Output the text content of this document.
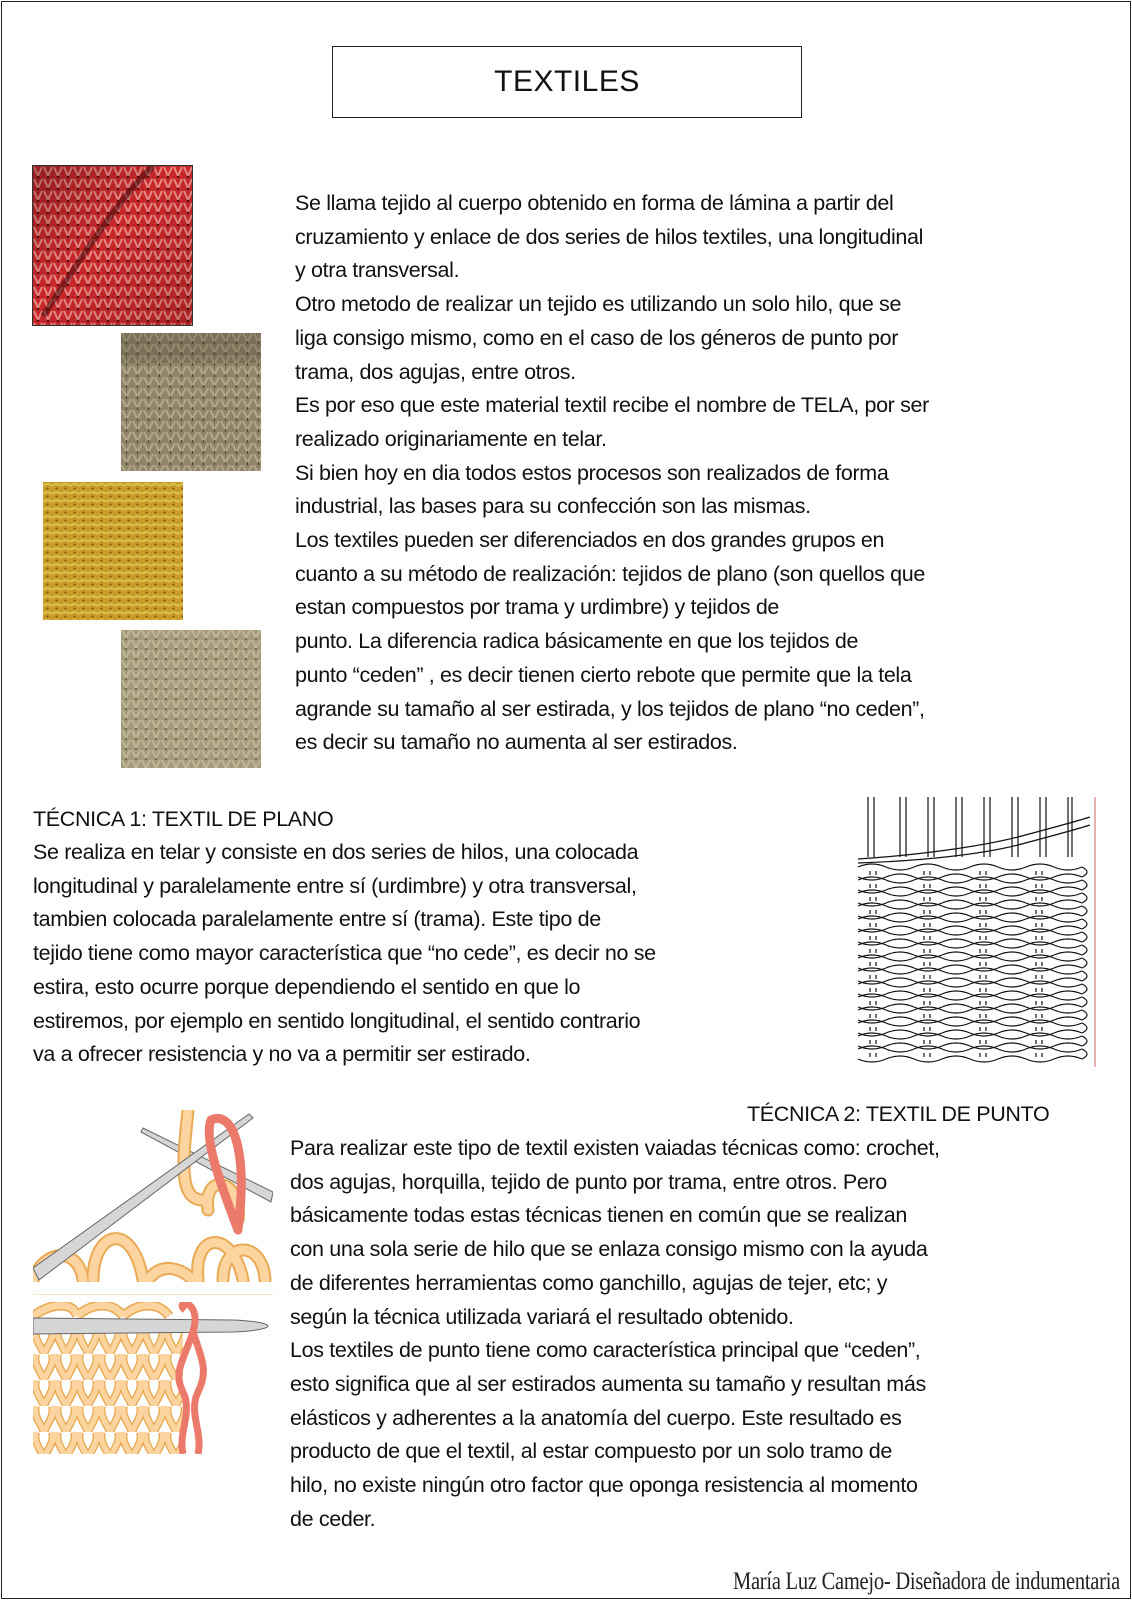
TEXTILES
Se llama tejido al cuerpo obtenido en forma de lámina a partir del
cruzamiento y enlace de dos series de hilos textiles, una longitudinal
y otra transversal.
Otro metodo de realizar un tejido es utilizando un solo hilo, que se
liga consigo mismo, como en el caso de los géneros de punto por
trama, dos agujas, entre otros.
Es por eso que este material textil recibe el nombre de TELA, por ser
realizado originariamente en telar.
Si bien hoy en dia todos estos procesos son realizados de forma
industrial, las bases para su confección son las mismas.
Los textiles pueden ser diferenciados en dos grandes grupos en
cuanto a su método de realización: tejidos de plano (son quellos que
estan compuestos por trama y urdimbre) y tejidos de
punto. La diferencia radica básicamente en que los tejidos de
punto “ceden” , es decir tienen cierto rebote que permite que la tela
agrande su tamaño al ser estirada, y los tejidos de plano “no ceden”,
es decir su tamaño no aumenta al ser estirados.
TÉCNICA 1: TEXTIL DE PLANO
Se realiza en telar y consiste en dos series de hilos, una colocada
longitudinal y paralelamente entre sí (urdimbre) y otra transversal,
tambien colocada paralelamente entre sí (trama). Este tipo de
tejido tiene como mayor característica que “no cede”, es decir no se
estira, esto ocurre porque dependiendo el sentido en que lo
estiremos, por ejemplo en sentido longitudinal, el sentido contrario
va a ofrecer resistencia y no va a permitir ser estirado.
TÉCNICA 2: TEXTIL DE PUNTO
Para realizar este tipo de textil existen vaiadas técnicas como: crochet,
dos agujas, horquilla, tejido de punto por trama, entre otros. Pero
básicamente todas estas técnicas tienen en común que se realizan
con una sola serie de hilo que se enlaza consigo mismo con la ayuda
de diferentes herramientas como ganchillo, agujas de tejer, etc; y
según la técnica utilizada variará el resultado obtenido.
Los textiles de punto tiene como característica principal que “ceden”,
esto significa que al ser estirados aumenta su tamaño y resultan más
elásticos y adherentes a la anatomía del cuerpo. Este resultado es
producto de que el textil, al estar compuesto por un solo tramo de
hilo, no existe ningún otro factor que oponga resistencia al momento
de ceder.
María Luz Camejo- Diseñadora de indumentaria
